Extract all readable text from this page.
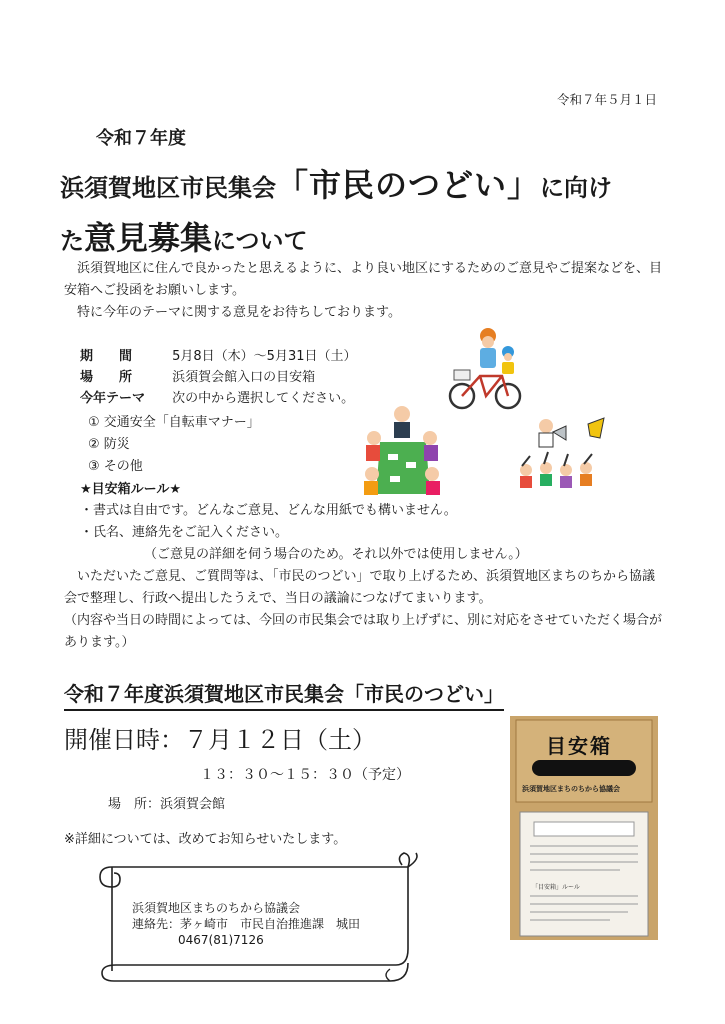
令和７年５月１日
令和７年度
浜須賀地区市民集会「市民のつどい」に向け
た意見募集について

浜須賀地区に住んで良かったと思えるように、より良い地区にするためのご意見やご提案などを、目安箱へご投函をお願いします。

特に今年のテーマに関する意見をお待ちしております。

期　　間	5月8日（木）～5月31日（土）
場　　所	浜須賀会館入口の目安箱
今年テーマ 次の中から選択してください。
① 交通安全「自転車マナー」
② 防災
③ その他
★目安箱ルール★
・書式は自由です。どんなご意見、どんな用紙でも構いません。
・氏名、連絡先をご記入ください。
（ご意見の詳細を伺う場合のため。それ以外では使用しません。）

いただいたご意見、ご質問等は、「市民のつどい」で取り上げるため、浜須賀地区まちのちから協議会で整理し、行政へ提出したうえで、当日の議論につなげてまいります。

（内容や当日の時間によっては、今回の市民集会では取り上げずに、別に対応をさせていただく場合があります。）

令和７年度浜須賀地区市民集会「市民のつどい」
開催日時：７月１２日（土）
１３：３０～１５：３０（予定）
場　所：浜須賀会館
※詳細については、改めてお知らせいたします。
浜須賀地区まちのちから協議会
連絡先：茅ヶ崎市　市民自治推進課　城田
0467(81)7126
目安箱
浜須賀地区まちのちから協議会
「目安箱」ルール
